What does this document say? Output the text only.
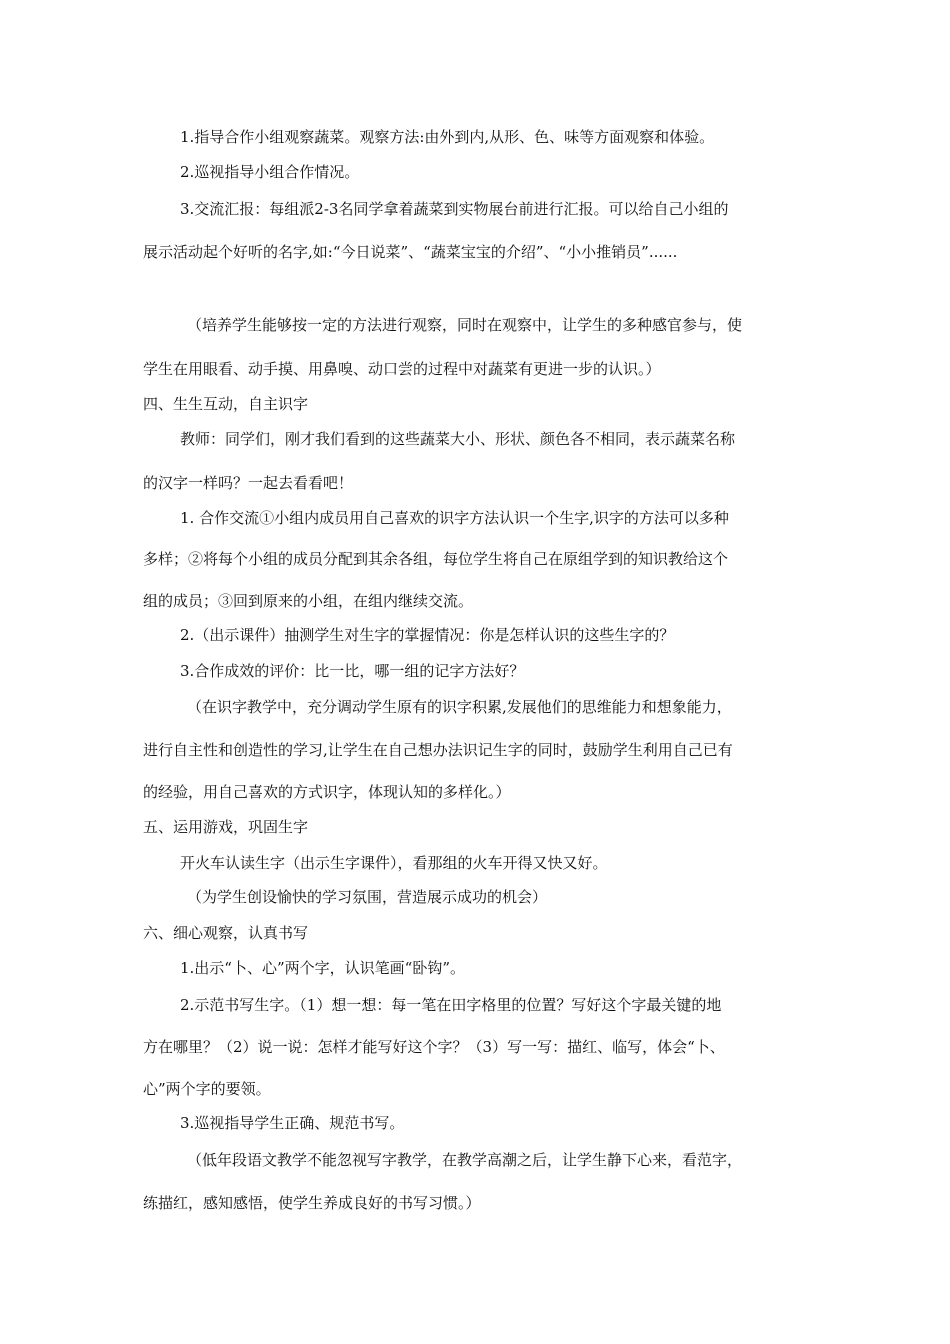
1.指导合作小组观察蔬菜。观察方法:由外到内,从形、色、味等方面观察和体验。
2.巡视指导小组合作情况。
3.交流汇报：每组派2-3名同学拿着蔬菜到实物展台前进行汇报。可以给自己小组的
展示活动起个好听的名字,如:“今日说菜”、“蔬菜宝宝的介绍”、“小小推销员”......
（培养学生能够按一定的方法进行观察，同时在观察中，让学生的多种感官参与，使
学生在用眼看、动手摸、用鼻嗅、动口尝的过程中对蔬菜有更进一步的认识。）
四、生生互动，自主识字
教师：同学们，刚才我们看到的这些蔬菜大小、形状、颜色各不相同，表示蔬菜名称
的汉字一样吗？一起去看看吧！
1. 合作交流①小组内成员用自己喜欢的识字方法认识一个生字,识字的方法可以多种
多样；②将每个小组的成员分配到其余各组，每位学生将自己在原组学到的知识教给这个
组的成员；③回到原来的小组，在组内继续交流。
2.（出示课件）抽测学生对生字的掌握情况：你是怎样认识的这些生字的？
3.合作成效的评价：比一比，哪一组的记字方法好？
（在识字教学中，充分调动学生原有的识字积累,发展他们的思维能力和想象能力，
进行自主性和创造性的学习,让学生在自己想办法识记生字的同时，鼓励学生利用自己已有
的经验，用自己喜欢的方式识字，体现认知的多样化。）
五、运用游戏，巩固生字
开火车认读生字（出示生字课件），看那组的火车开得又快又好。
（为学生创设愉快的学习氛围，营造展示成功的机会）
六、细心观察，认真书写
1.出示“卜、心”两个字，认识笔画“卧钩”。
2.示范书写生字。（1）想一想：每一笔在田字格里的位置？写好这个字最关键的地
方在哪里？（2）说一说：怎样才能写好这个字？（3）写一写：描红、临写，体会“卜、
心”两个字的要领。
3.巡视指导学生正确、规范书写。
（低年段语文教学不能忽视写字教学，在教学高潮之后，让学生静下心来，看范字，
练描红，感知感悟，使学生养成良好的书写习惯。）
